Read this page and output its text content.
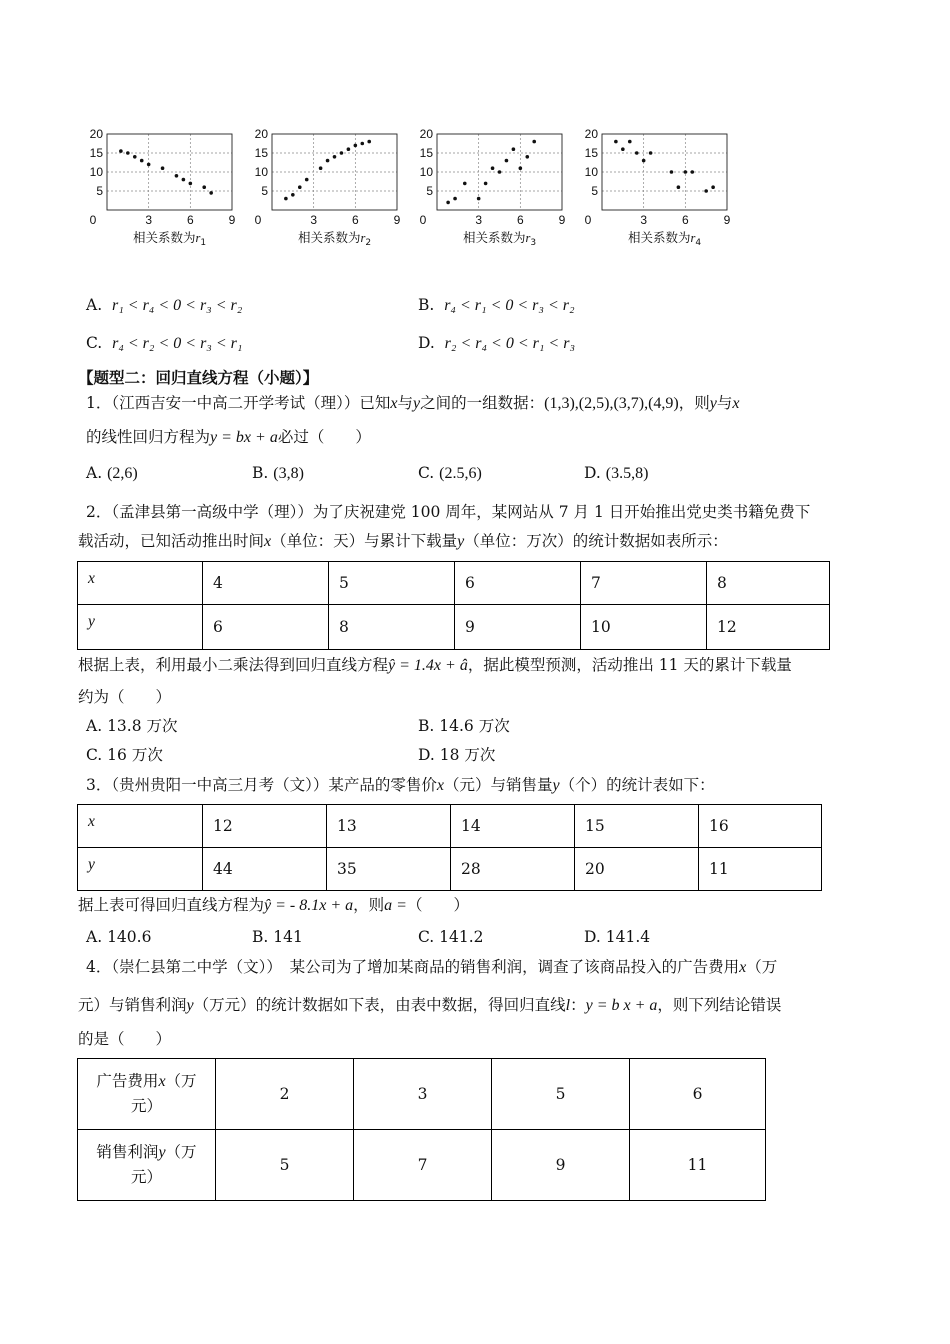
20
15
10
5
0	3	6	9
相关系数为$r_1$
20
15
10
5
0	3	6	9
相关系数为$r_2$
20
15
10
5
0	3	6	9
相关系数为$r_3$
20
15
10
5
0	3	6	9
相关系数为$r_4$
A. r₁ < r₄ < 0 < r₃ < r₂	B. r₄ < r₁ < 0 < r₃ < r₂
C. r₄ < r₂ < 0 < r₃ < r₁	D. r₂ < r₄ < 0 < r₁ < r₃
【题型二：回归直线方程（小题）】
1．（江西吉安一中高二开学考试（理））已知x与y之间的一组数据：(1,3),(2,5),(3,7),(4,9)，则y与x
的线性回归方程为y = bx + a必过（　　）
A. (2,6)	B. (3,8)	C. (2.5,6)	D. (3.5,8)
2．（孟津县第一高级中学（理））为了庆祝建党 100 周年，某网站从 7 月 1 日开始推出党史类书籍免费下
载活动，已知活动推出时间x（单位：天）与累计下载量y（单位：万次）的统计数据如表所示：
x	4	5	6	7	8
y	6	8	9	10	12
根据上表，利用最小二乘法得到回归直线方程ŷ = 1.4x + â，据此模型预测，活动推出 11 天的累计下载量
约为（　　）
A. 13.8 万次	B. 14.6 万次
C. 16 万次	D. 18 万次
3．（贵州贵阳一中高三月考（文））某产品的零售价x（元）与销售量y（个）的统计表如下：
x	12	13	14	15	16
y	44	35	28	20	11
据上表可得回归直线方程为ŷ = - 8.1x + a，则a =（　　）
A. 140.6	B. 141	C. 141.2	D. 141.4
4．（崇仁县第二中学（文））　某公司为了增加某商品的销售利润，调查了该商品投入的广告费用x（万
元）与销售利润y（万元）的统计数据如下表，由表中数据，得回归直线l：y = b x + a，则下列结论错误
的是（　　）
广告费用x（万
元）	2	3	5	6
销售利润y（万
元）	5	7	9	11
